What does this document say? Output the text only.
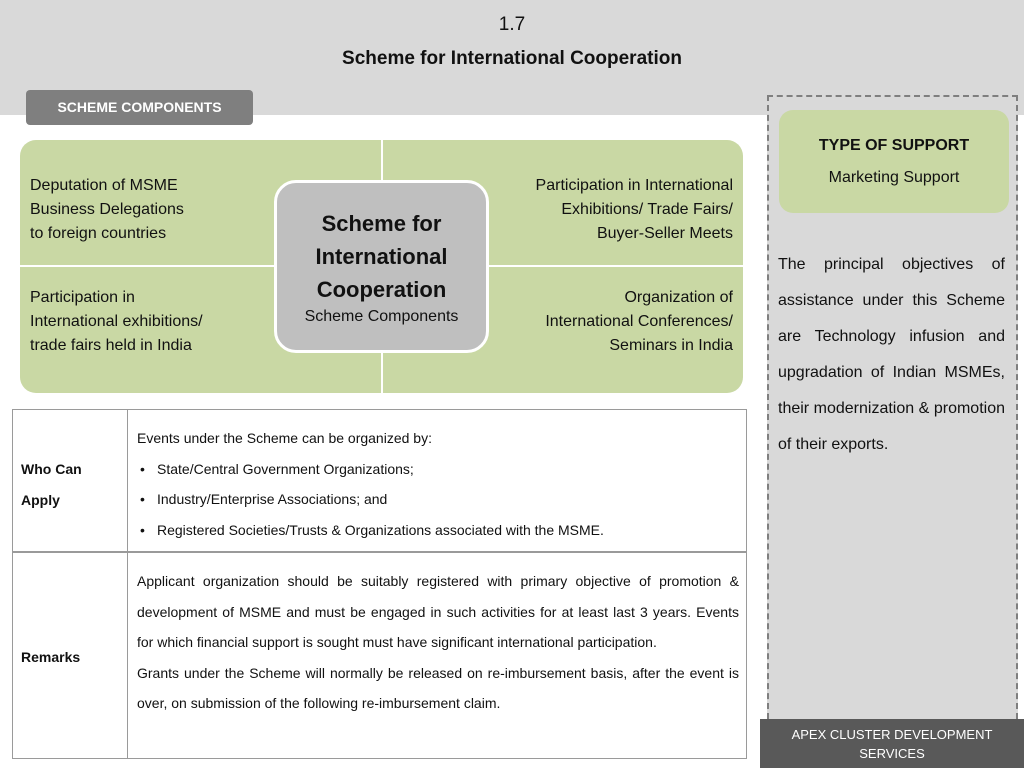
1.7
Scheme for International Cooperation
SCHEME COMPONENTS
Deputation of MSME
Business Delegations
to foreign countries
Participation in
International exhibitions/
trade fairs held in India
Participation in International
Exhibitions/ Trade Fairs/
Buyer-Seller Meets
Organization of
International Conferences/
Seminars in India
Scheme for
International
Cooperation
Scheme Components
Who Can
Apply
Events under the Scheme can be organized by:
• State/Central Government Organizations;
• Industry/Enterprise Associations; and
• Registered Societies/Trusts & Organizations associated with the MSME.
Remarks
Applicant organization should be suitably registered with primary objective of promotion & development of MSME and must be engaged in such activities for at least last 3 years. Events for which financial support is sought must have significant international participation.
Grants under the Scheme will normally be released on re-imbursement basis, after the event is over, on submission of the following re-imbursement claim.
TYPE OF SUPPORT
Marketing Support
The principal objectives of assistance under this Scheme are Technology infusion and upgradation of Indian MSMEs, their modernization & promotion of their exports.
APEX CLUSTER DEVELOPMENT SERVICES
